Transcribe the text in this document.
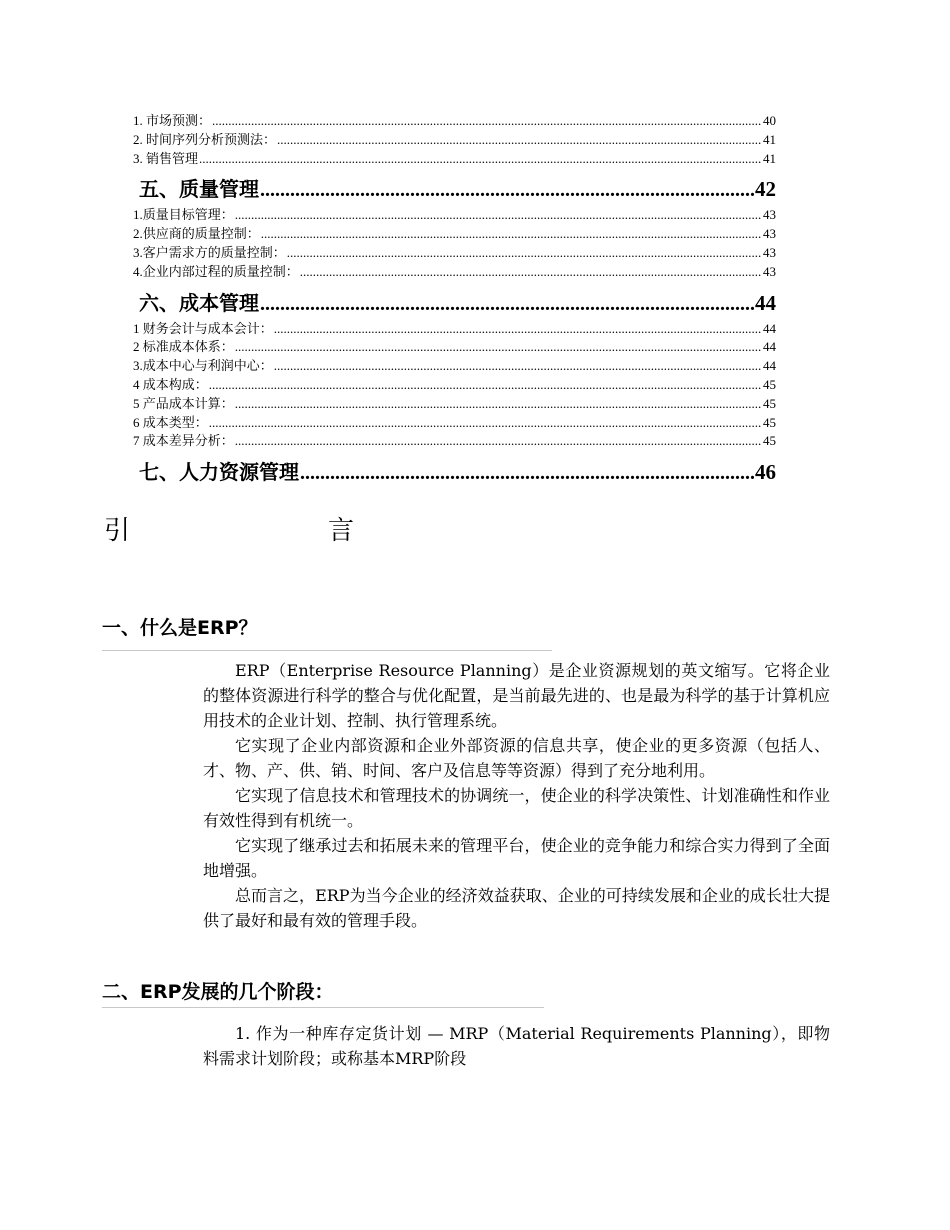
1. 市场预测： .....	40
2. 时间序列分析预测法： .....	41
3. 销售管理 .....	41
五、质量管理 .....	42
1.质量目标管理： .....	43
2.供应商的质量控制： .....	43
3.客户需求方的质量控制： .....	43
4.企业内部过程的质量控制： .....	43
六、成本管理 .....	44
1 财务会计与成本会计： .....	44
2 标准成本体系： .....	44
3.成本中心与利润中心： .....	44
4 成本构成： .....	45
5 产品成本计算： .....	45
6 成本类型： .....	45
7 成本差异分析： .....	45
七、人力资源管理 .....	46
引	言
一、什么是ERP？

ERP（Enterprise Resource Planning）是企业资源规划的英文缩写。它将企业的整体资源进行科学的整合与优化配置，是当前最先进的、也是最为科学的基于计算机应用技术的企业计划、控制、执行管理系统。

它实现了企业内部资源和企业外部资源的信息共享，使企业的更多资源（包括人、才、物、产、供、销、时间、客户及信息等等资源）得到了充分地利用。

它实现了信息技术和管理技术的协调统一，使企业的科学决策性、计划准确性和作业有效性得到有机统一。

它实现了继承过去和拓展未来的管理平台，使企业的竞争能力和综合实力得到了全面地增强。

总而言之，ERP为当今企业的经济效益获取、企业的可持续发展和企业的成长壮大提供了最好和最有效的管理手段。

二、ERP发展的几个阶段：

1. 作为一种库存定货计划 — MRP（Material Requirements Planning），即物料需求计划阶段；或称基本MRP阶段
